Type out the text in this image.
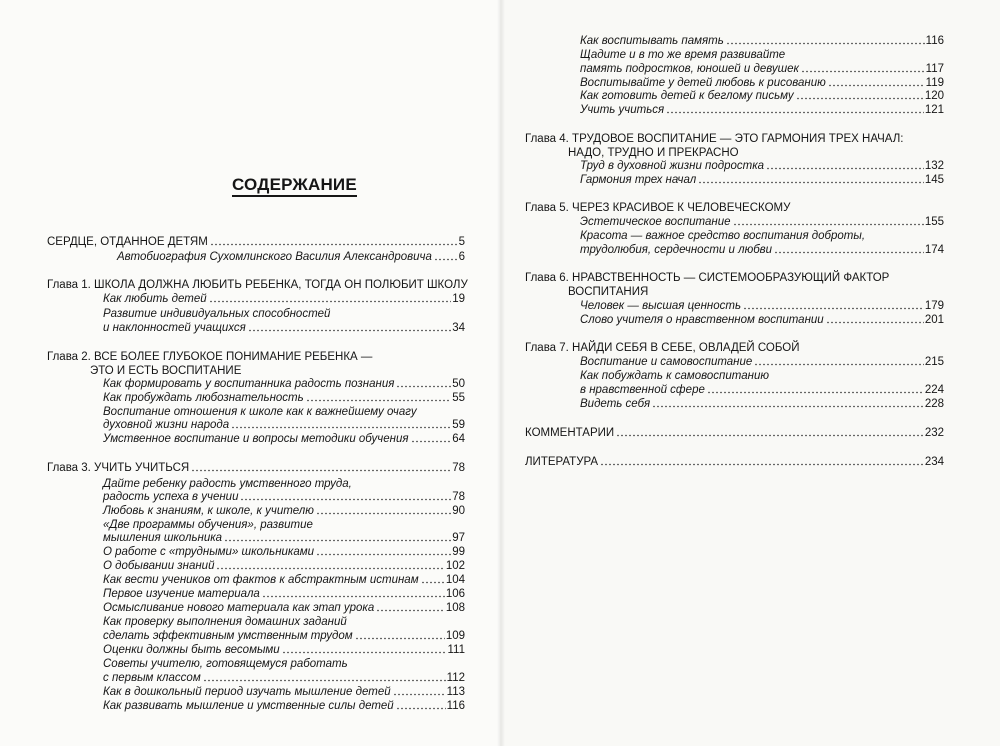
СОДЕРЖАНИЕ
СЕРДЦЕ, ОТДАННОЕ ДЕТЯМ	5
Автобиография Сухомлинского Василия Александровича 6
Глава 1. ШКОЛА ДОЛЖНА ЛЮБИТЬ РЕБЕНКА, ТОГДА ОН ПОЛЮБИТ ШКОЛУ
Как любить детей	19
Развитие индивидуальных способностей
и наклонностей учащихся	34
Глава 2. ВСЕ БОЛЕЕ ГЛУБОКОЕ ПОНИМАНИЕ РЕБЕНКА —
ЭТО И ЕСТЬ ВОСПИТАНИЕ
Как формировать у воспитанника радость познания	50
Как пробуждать любознательность	55
Воспитание отношения к школе как к важнейшему очагу
духовной жизни народа	59
Умственное воспитание и вопросы методики обучения	64
Глава 3. УЧИТЬ УЧИТЬСЯ	78
Дайте ребенку радость умственного труда,
радость успеха в учении	78
Любовь к знаниям, к школе, к учителю	90
«Две программы обучения», развитие
мышления школьника	97
О работе с «трудными» школьниками	99
О добывании знаний	102
Как вести учеников от фактов к абстрактным истинам 104
Первое изучение материала	106
Осмысливание нового материала как этап урока	108
Как проверку выполнения домашних заданий
сделать эффективным умственным трудом	109
Оценки должны быть весомыми	111
Советы учителю, готовящемуся работать
с первым классом	112
Как в дошкольный период изучать мышление детей	113
Как развивать мышление и умственные силы детей	116
Как воспитывать память	116
Щадите и в то же время развивайте
память подростков, юношей и девушек	117
Воспитывайте у детей любовь к рисованию	119
Как готовить детей к беглому письму	120
Учить учиться	121
Глава 4. ТРУДОВОЕ ВОСПИТАНИЕ — ЭТО ГАРМОНИЯ ТРЕХ НАЧАЛ:
НАДО, ТРУДНО И ПРЕКРАСНО
Труд в духовной жизни подростка	132
Гармония трех начал	145
Глава 5. ЧЕРЕЗ КРАСИВОЕ К ЧЕЛОВЕЧЕСКОМУ
Эстетическое воспитание	155
Красота — важное средство воспитания доброты,
трудолюбия, сердечности и любви	174
Глава 6. НРАВСТВЕННОСТЬ — СИСТЕМООБРАЗУЮЩИЙ ФАКТОР
ВОСПИТАНИЯ
Человек — высшая ценность	179
Слово учителя о нравственном воспитании	201
Глава 7. НАЙДИ СЕБЯ В СЕБЕ, ОВЛАДЕЙ СОБОЙ
Воспитание и самовоспитание	215
Как побуждать к самовоспитанию
в нравственной сфере	224
Видеть себя	228
КОММЕНТАРИИ	232
ЛИТЕРАТУРА	234
